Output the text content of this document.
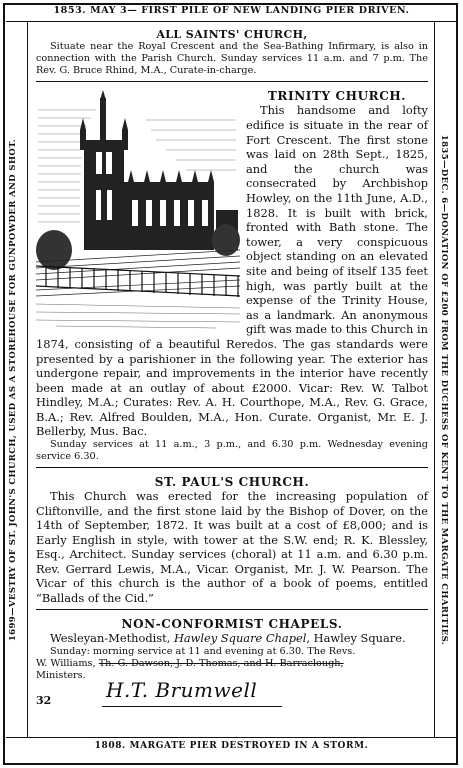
1853. MAY 3— FIRST PILE OF NEW LANDING PIER DRIVEN.
1699—VESTRY OF ST. JOHN'S CHURCH, USED AS A STOREHOUSE FOR GUNPOWDER AND SHOT.	1835—DEC. 6—DONATION OF £200 FROM THE DUCHESS OF KENT TO THE MARGATE CHARITIES.
1808. MARGATE PIER DESTROYED IN A STORM.
ALL SAINTS' CHURCH,
Situate near the Royal Crescent and the Sea-Bathing Infirmary, is also in connection with the Parish Church. Sunday services 11 a.m. and 7 p.m. The Rev. G. Bruce Rhind, M.A., Curate-in-charge.
TRINITY CHURCH.
This handsome and lofty edifice is situate in the rear of Fort Crescent. The first stone was laid on 28th Sept., 1825, and the church was consecrated by Archbishop Howley, on the 11th June, A.D., 1828. It is built with brick, fronted with Bath stone. The tower, a very conspicuous object standing on an elevated site and being of itself 135 feet high, was partly built at the expense of the Trinity House, as a landmark. An anonymous gift was made to this Church in 1874, consisting of a beautiful Reredos. The gas standards were presented by a parishioner in the following year. The exterior has undergone repair, and improvements in the interior have recently been made at an outlay of about £2000. Vicar: Rev. W. Talbot Hindley, M.A.; Curates: Rev. A. H. Courthope, M.A., Rev. G. Grace, B.A.; Rev. Alfred Boulden, M.A., Hon. Curate. Organist, Mr. E. J. Bellerby, Mus. Bac.
Sunday services at 11 a.m., 3 p.m., and 6.30 p.m. Wednesday evening service 6.30.
ST. PAUL'S CHURCH.
This Church was erected for the increasing population of Cliftonville, and the first stone laid by the Bishop of Dover, on the 14th of September, 1872. It was built at a cost of £8,000; and is Early English in style, with tower at the S.W. end; R. K. Blessley, Esq., Architect. Sunday services (choral) at 11 a.m. and 6.30 p.m. Rev. Gerrard Lewis, M.A., Vicar. Organist, Mr. J. W. Pearson. The Vicar of this church is the author of a book of poems, entitled “Ballads of the Cid.”
NON-CONFORMIST CHAPELS.
Wesleyan-Methodist, Hawley Square Chapel, Hawley Square.
Sunday: morning service at 11 and evening at 6.30. The Revs.
W. Williams, Th. G. Dawson, J. D. Thomas, and H. Barraclough,
Ministers.
32	H.T. Brumwell
